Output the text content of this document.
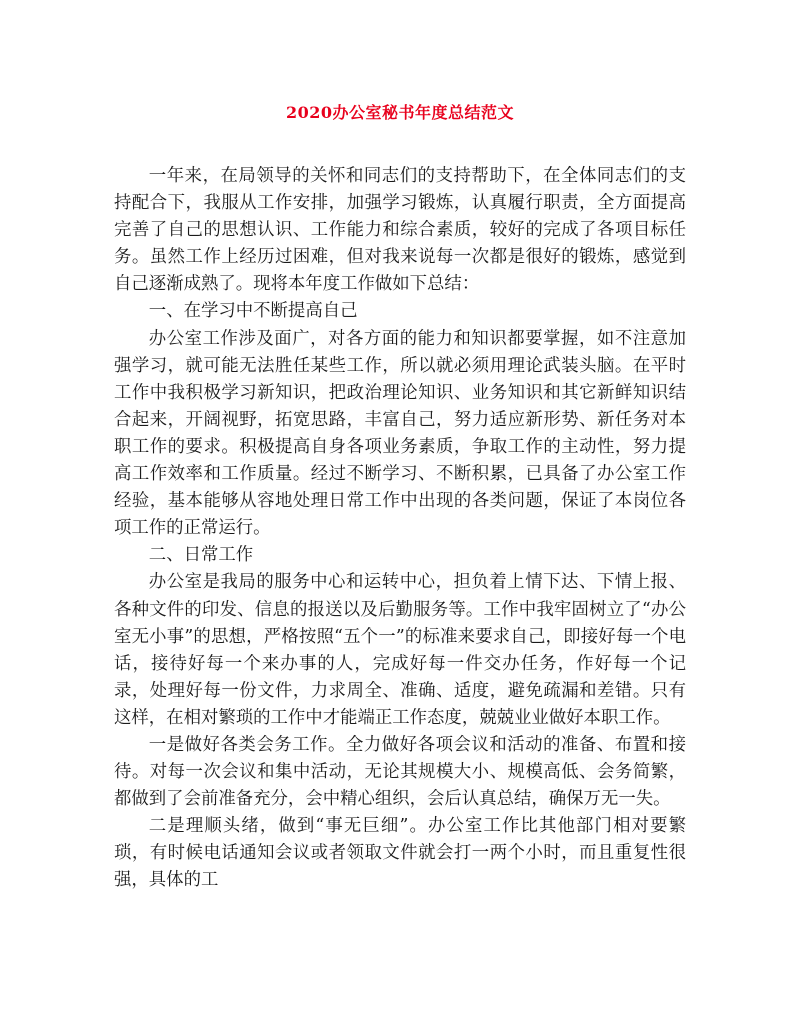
2020办公室秘书年度总结范文

一年来，在局领导的关怀和同志们的支持帮助下，在全体同志们的支持配合下，我服从工作安排，加强学习锻炼，认真履行职责，全方面提高完善了自己的思想认识、工作能力和综合素质，较好的完成了各项目标任务。虽然工作上经历过困难，但对我来说每一次都是很好的锻炼，感觉到自己逐渐成熟了。现将本年度工作做如下总结：

一、在学习中不断提高自己

办公室工作涉及面广，对各方面的能力和知识都要掌握，如不注意加强学习，就可能无法胜任某些工作，所以就必须用理论武装头脑。在平时工作中我积极学习新知识，把政治理论知识、业务知识和其它新鲜知识结合起来，开阔视野，拓宽思路，丰富自己，努力适应新形势、新任务对本职工作的要求。积极提高自身各项业务素质，争取工作的主动性，努力提高工作效率和工作质量。经过不断学习、不断积累，已具备了办公室工作经验，基本能够从容地处理日常工作中出现的各类问题，保证了本岗位各项工作的正常运行。

二、日常工作

办公室是我局的服务中心和运转中心，担负着上情下达、下情上报、各种文件的印发、信息的报送以及后勤服务等。工作中我牢固树立了“办公室无小事”的思想，严格按照“五个一”的标准来要求自己，即接好每一个电话，接待好每一个来办事的人，完成好每一件交办任务，作好每一个记录，处理好每一份文件，力求周全、准确、适度，避免疏漏和差错。只有这样，在相对繁琐的工作中才能端正工作态度，兢兢业业做好本职工作。

一是做好各类会务工作。全力做好各项会议和活动的准备、布置和接待。对每一次会议和集中活动，无论其规模大小、规模高低、会务简繁，都做到了会前准备充分，会中精心组织，会后认真总结，确保万无一失。

二是理顺头绪，做到“事无巨细”。办公室工作比其他部门相对要繁琐，有时候电话通知会议或者领取文件就会打一两个小时，而且重复性很强，具体的工
